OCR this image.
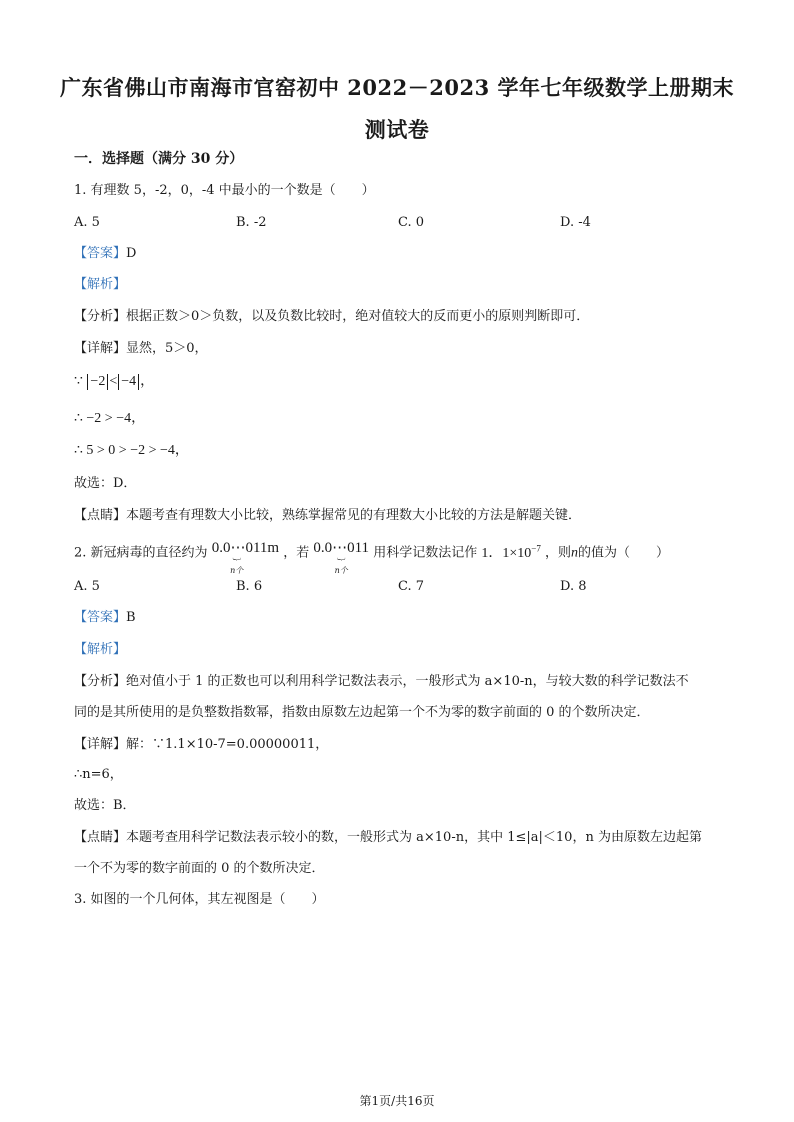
广东省佛山市南海市官窑初中 2022－2023 学年七年级数学上册期末
测试卷
一．选择题（满分 30 分）
1. 有理数 5，-2，0，-4 中最小的一个数是（　　）
A. 5	B. -2	C. 0	D. -4
【答案】D
【解析】
【分析】根据正数＞0＞负数，以及负数比较时，绝对值较大的反而更小的原则判断即可．
【详解】显然，5＞0，
∵ −2 < −4 ，
∴ −2 > −4，
∴ 5 > 0 > −2 > −4，
故选：D．
【点睛】本题考查有理数大小比较，熟练掌握常见的有理数大小比较的方法是解题关键．
2. 新冠病毒的直径约为 0.0⋯011m
︸
n个
，若 0.0⋯011
︸
n个
用科学记数法记作 1．$1\times 10^{-7}$ ，则n的值为（　　）
A. 5	B. 6	C. 7	D. 8
【答案】B
【解析】
【分析】绝对值小于 1 的正数也可以利用科学记数法表示，一般形式为 a×10-n，与较大数的科学记数法不
同的是其所使用的是负整数指数幂，指数由原数左边起第一个不为零的数字前面的 0 的个数所决定．
【详解】解：∵1.1×10-7=0.00000011，
∴n=6，
故选：B．
【点睛】本题考查用科学记数法表示较小的数，一般形式为 a×10-n，其中 1≤|a|＜10，n 为由原数左边起第
一个不为零的数字前面的 0 的个数所决定．
3. 如图的一个几何体，其左视图是（　　）
第1页/共16页
